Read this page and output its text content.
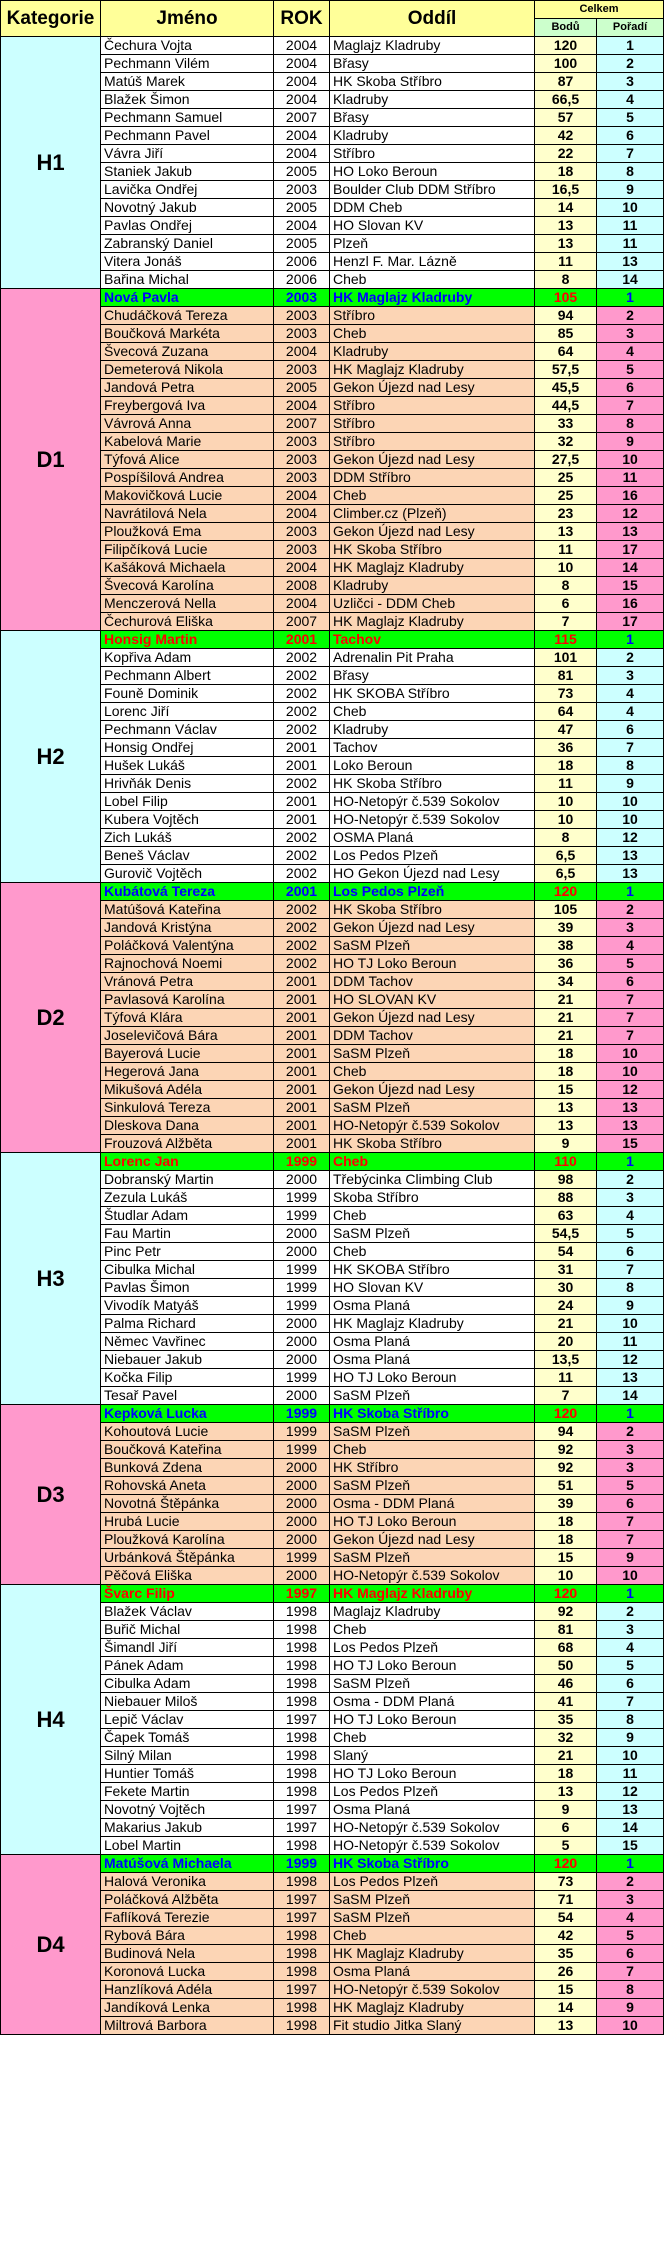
Kategorie	Jméno	ROK	Oddíl	Celkem	
				Bodů	Pořadí
H1	Čechura Vojta	2004	Maglajz Kladruby	120	1
	Pechmann Vilém	2004	Břasy	100	2
	Matúš Marek	2004	HK Skoba Stříbro	87	3
	Blažek Šimon	2004	Kladruby	66,5	4
	Pechmann Samuel	2007	Břasy	57	5
	Pechmann Pavel	2004	Kladruby	42	6
	Vávra Jiří	2004	Stříbro	22	7
	Staniek Jakub	2005	HO Loko Beroun	18	8
	Lavička Ondřej	2003	Boulder Club DDM Stříbro	16,5	9
	Novotný Jakub	2005	DDM Cheb	14	10
	Pavlas Ondřej	2004	HO Slovan KV	13	11
	Zabranský Daniel	2005	Plzeň	13	11
	Vitera Jonáš	2006	Henzl F. Mar. Lázně	11	13
	Bařina Michal	2006	Cheb	8	14
D1	Nová Pavla	2003	HK Maglajz Kladruby	105	1
	Chudáčková Tereza	2003	Stříbro	94	2
	Boučková Markéta	2003	Cheb	85	3
	Švecová Zuzana	2004	Kladruby	64	4
	Demeterová Nikola	2003	HK Maglajz Kladruby	57,5	5
	Jandová Petra	2005	Gekon Újezd nad Lesy	45,5	6
	Freybergová Iva	2004	Stříbro	44,5	7
	Vávrová Anna	2007	Stříbro	33	8
	Kabelová Marie	2003	Stříbro	32	9
	Týfová Alice	2003	Gekon Újezd nad Lesy	27,5	10
	Pospíšilová Andrea	2003	DDM Stříbro	25	11
	Makovičková Lucie	2004	Cheb	25	16
	Navrátilová Nela	2004	Climber.cz (Plzeň)	23	12
	Ploužková Ema	2003	Gekon Újezd nad Lesy	13	13
	Filipčíková Lucie	2003	HK Skoba Stříbro	11	17
	Kašáková Michaela	2004	HK Maglajz Kladruby	10	14
	Švecová Karolína	2008	Kladruby	8	15
	Menczerová Nella	2004	Uzličci - DDM Cheb	6	16
	Čechurová Eliška	2007	HK Maglajz Kladruby	7	17
H2	Honsig Martin	2001	Tachov	115	1
	Kopřiva Adam	2002	Adrenalin Pit Praha	101	2
	Pechmann Albert	2002	Břasy	81	3
	Founě Dominik	2002	HK SKOBA Stříbro	73	4
	Lorenc Jiří	2002	Cheb	64	4
	Pechmann Václav	2002	Kladruby	47	6
	Honsig Ondřej	2001	Tachov	36	7
	Hušek Lukáš	2001	Loko Beroun	18	8
	Hrivňák Denis	2002	HK Skoba Stříbro	11	9
	Lobel Filip	2001	HO-Netopýr č.539 Sokolov	10	10
	Kubera Vojtěch	2001	HO-Netopýr č.539 Sokolov	10	10
	Zich Lukáš	2002	OSMA Planá	8	12
	Beneš Václav	2002	Los Pedos Plzeň	6,5	13
	Gurovič Vojtěch	2002	HO Gekon Újezd nad Lesy	6,5	13
D2	Kubátová Tereza	2001	Los Pedos Plzeň	120	1
	Matúšová Kateřina	2002	HK Skoba Stříbro	105	2
	Jandová Kristýna	2002	Gekon Újezd nad Lesy	39	3
	Poláčková Valentýna	2002	SaSM Plzeň	38	4
	Rajnochová Noemi	2002	HO TJ Loko Beroun	36	5
	Vránová Petra	2001	DDM Tachov	34	6
	Pavlasová Karolína	2001	HO SLOVAN KV	21	7
	Týfová Klára	2001	Gekon Újezd nad Lesy	21	7
	Joselevičová Bára	2001	DDM Tachov	21	7
	Bayerová Lucie	2001	SaSM Plzeň	18	10
	Hegerová Jana	2001	Cheb	18	10
	Mikušová Adéla	2001	Gekon Újezd nad Lesy	15	12
	Sinkulová Tereza	2001	SaSM Plzeň	13	13
	Dleskova Dana	2001	HO-Netopýr č.539 Sokolov	13	13
	Frouzová Alžběta	2001	HK Skoba Stříbro	9	15
H3	Lorenc Jan	1999	Cheb	110	1
	Dobranský Martin	2000	Třebýcinka Climbing Club	98	2
	Zezula Lukáš	1999	Skoba Stříbro	88	3
	Študlar Adam	1999	Cheb	63	4
	Fau Martin	2000	SaSM Plzeň	54,5	5
	Pinc Petr	2000	Cheb	54	6
	Cibulka Michal	1999	HK SKOBA Stříbro	31	7
	Pavlas Šimon	1999	HO Slovan KV	30	8
	Vivodík Matyáš	1999	Osma Planá	24	9
	Palma Richard	2000	HK Maglajz Kladruby	21	10
	Němec Vavřinec	2000	Osma Planá	20	11
	Niebauer Jakub	2000	Osma Planá	13,5	12
	Kočka Filip	1999	HO TJ Loko Beroun	11	13
	Tesař Pavel	2000	SaSM Plzeň	7	14
D3	Kepková Lucka	1999	HK Skoba Stříbro	120	1
	Kohoutová Lucie	1999	SaSM Plzeň	94	2
	Boučková Kateřina	1999	Cheb	92	3
	Bunková Zdena	2000	HK Stříbro	92	3
	Rohovská Aneta	2000	SaSM Plzeň	51	5
	Novotná Štěpánka	2000	Osma - DDM Planá	39	6
	Hrubá Lucie	2000	HO TJ Loko Beroun	18	7
	Ploužková Karolína	2000	Gekon Újezd nad Lesy	18	7
	Urbánková Štěpánka	1999	SaSM Plzeň	15	9
	Pěčová Eliška	2000	HO-Netopýr č.539 Sokolov	10	10
H4	Švarc Filip	1997	HK Maglajz Kladruby	120	1
	Blažek Václav	1998	Maglajz Kladruby	92	2
	Buřič Michal	1998	Cheb	81	3
	Šimandl Jiří	1998	Los Pedos Plzeň	68	4
	Pánek Adam	1998	HO TJ Loko Beroun	50	5
	Cibulka Adam	1998	SaSM Plzeň	46	6
	Niebauer Miloš	1998	Osma - DDM Planá	41	7
	Lepič Václav	1997	HO TJ Loko Beroun	35	8
	Čapek Tomáš	1998	Cheb	32	9
	Silný Milan	1998	Slaný	21	10
	Huntier Tomáš	1998	HO TJ Loko Beroun	18	11
	Fekete Martin	1998	Los Pedos Plzeň	13	12
	Novotný Vojtěch	1997	Osma Planá	9	13
	Makarius Jakub	1997	HO-Netopýr č.539 Sokolov	6	14
	Lobel Martin	1998	HO-Netopýr č.539 Sokolov	5	15
D4	Matúšová Michaela	1999	HK Skoba Stříbro	120	1
	Halová Veronika	1998	Los Pedos Plzeň	73	2
	Poláčková Alžběta	1997	SaSM Plzeň	71	3
	Faflíková Terezie	1997	SaSM Plzeň	54	4
	Rybová Bára	1998	Cheb	42	5
	Budinová Nela	1998	HK Maglajz Kladruby	35	6
	Koronová Lucka	1998	Osma Planá	26	7
	Hanzlíková Adéla	1997	HO-Netopýr č.539 Sokolov	15	8
	Jandíková Lenka	1998	HK Maglajz Kladruby	14	9
	Miltrová Barbora	1998	Fit studio Jitka Slaný	13	10
